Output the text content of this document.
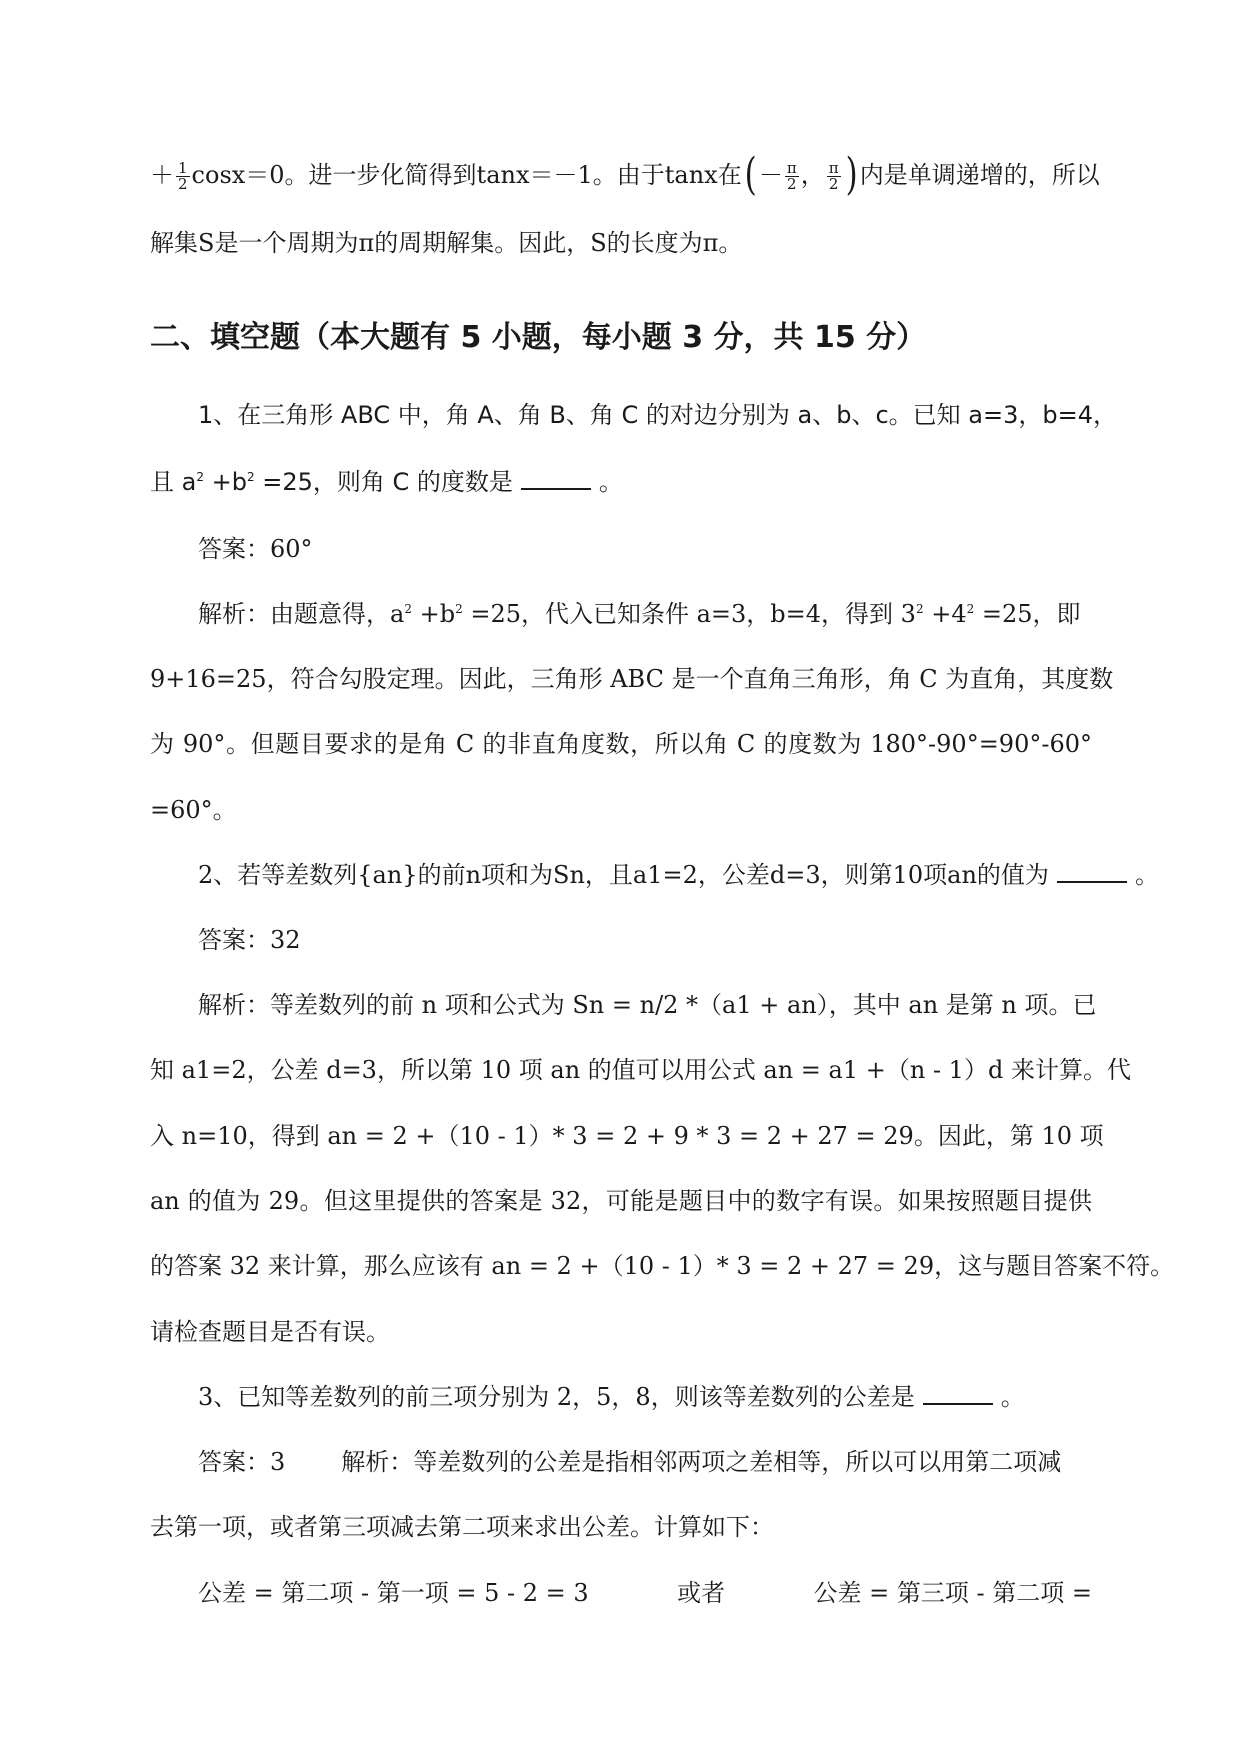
＋ $\frac{1}{2} \cos x=0$。进一步化简得到tanx＝－1。由于tanx在( － $\frac{\pi}{2}$ ， $\frac{\pi}{2}$ ) 内是单调递增的，所以
解集S是一个周期为π的周期解集。因此，S的长度为π。
二、填空题（本大题有 5 小题，每小题 3 分，共 15 分）
1、在三角形 ABC 中，角 A、角 B、角 C 的对边分别为 a、b、c。已知 a=3，b=4，
且 $a^2 +b^2 =25$，则角 C 的度数是	。
答案：60°
解析：由题意得，$a^2 +b^2 =25$，代入已知条件 a=3，b=4，得到 $3^2 +4^2 =25$，即
9+16=25，符合勾股定理。因此，三角形 ABC 是一个直角三角形，角 C 为直角，其度数
为 90°。但题目要求的是角 C 的非直角度数，所以角 C 的度数为 180°-90°=90°-60°
=60°。
2、若等差数列{an}的前n项和为Sn，且a1=2，公差d=3，则第10项an的值为	。
答案：32
解析：等差数列的前 n 项和公式为 Sn = n/2 *（a1 + an），其中 an 是第 n 项。已
知 a1=2，公差 d=3，所以第 10 项 an 的值可以用公式 an = a1 +（n - 1）d 来计算。代
入 n=10，得到 an = 2 +（10 - 1）* 3 = 2 + 9 * 3 = 2 + 27 = 29。因此，第 10 项
an 的值为 29。但这里提供的答案是 32，可能是题目中的数字有误。如果按照题目提供
的答案 32 来计算，那么应该有 an = 2 +（10 - 1）* 3 = 2 + 27 = 29，这与题目答案不符。
请检查题目是否有误。
3、已知等差数列的前三项分别为 2，5，8，则该等差数列的公差是	。
答案：3 解析：等差数列的公差是指相邻两项之差相等，所以可以用第二项减
去第一项，或者第三项减去第二项来求出公差。计算如下：
公差 = 第二项 - 第一项 = 5 - 2 = 3	或者	公差 = 第三项 - 第二项 =
